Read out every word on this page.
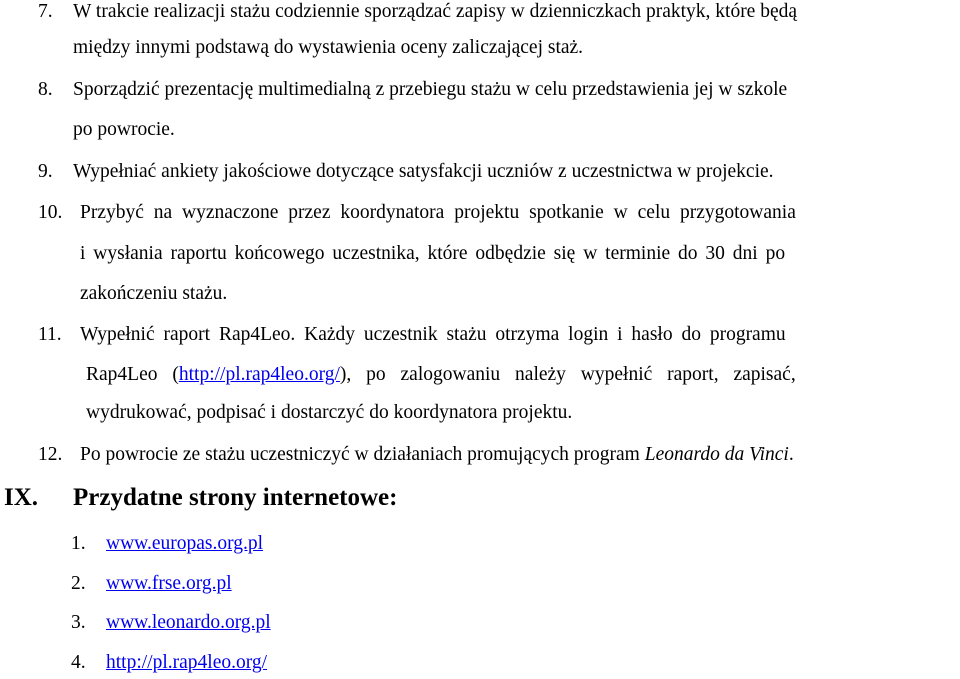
7. W trakcie realizacji stażu codziennie sporządzać zapisy w dzienniczkach praktyk, które będą
między innymi podstawą do wystawienia oceny zaliczającej staż.
8. Sporządzić prezentację multimedialną z przebiegu stażu w celu przedstawienia jej w szkole
po powrocie.
9. Wypełniać ankiety jakościowe dotyczące satysfakcji uczniów z uczestnictwa w projekcie.
10. Przybyć na wyznaczone przez koordynatora projektu spotkanie w celu przygotowania
i wysłania raportu końcowego uczestnika, które odbędzie się w terminie do 30 dni po
zakończeniu stażu.
11. Wypełnić raport Rap4Leo. Każdy uczestnik stażu otrzyma login i hasło do programu
Rap4Leo (http://pl.rap4leo.org/), po zalogowaniu należy wypełnić raport, zapisać,
wydrukować, podpisać i dostarczyć do koordynatora projektu.
12. Po powrocie ze stażu uczestniczyć w działaniach promujących program Leonardo da Vinci.
IX. Przydatne strony internetowe:
1. www.europas.org.pl
2. www.frse.org.pl
3. www.leonardo.org.pl
4. http://pl.rap4leo.org/
